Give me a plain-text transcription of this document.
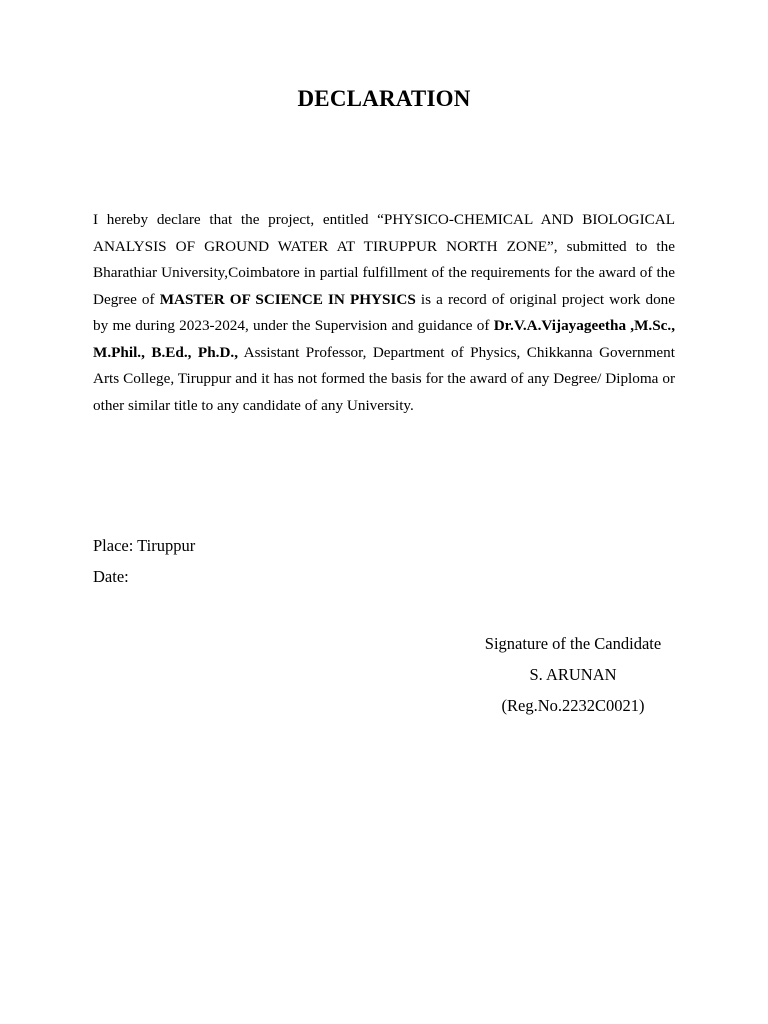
DECLARATION
I hereby declare that the project, entitled “PHYSICO-CHEMICAL AND BIOLOGICAL ANALYSIS OF GROUND WATER AT TIRUPPUR NORTH ZONE”, submitted to the Bharathiar University,Coimbatore in partial fulfillment of the requirements for the award of the Degree of MASTER OF SCIENCE IN PHYSICS is a record of original project work done by me during 2023-2024, under the Supervision and guidance of Dr.V.A.Vijayageetha ,M.Sc., M.Phil., B.Ed., Ph.D., Assistant Professor, Department of Physics, Chikkanna Government Arts College, Tiruppur and it has not formed the basis for the award of any Degree/ Diploma or other similar title to any candidate of any University.
Place: Tiruppur
Date:
Signature of the Candidate
S. ARUNAN
(Reg.No.2232C0021)
